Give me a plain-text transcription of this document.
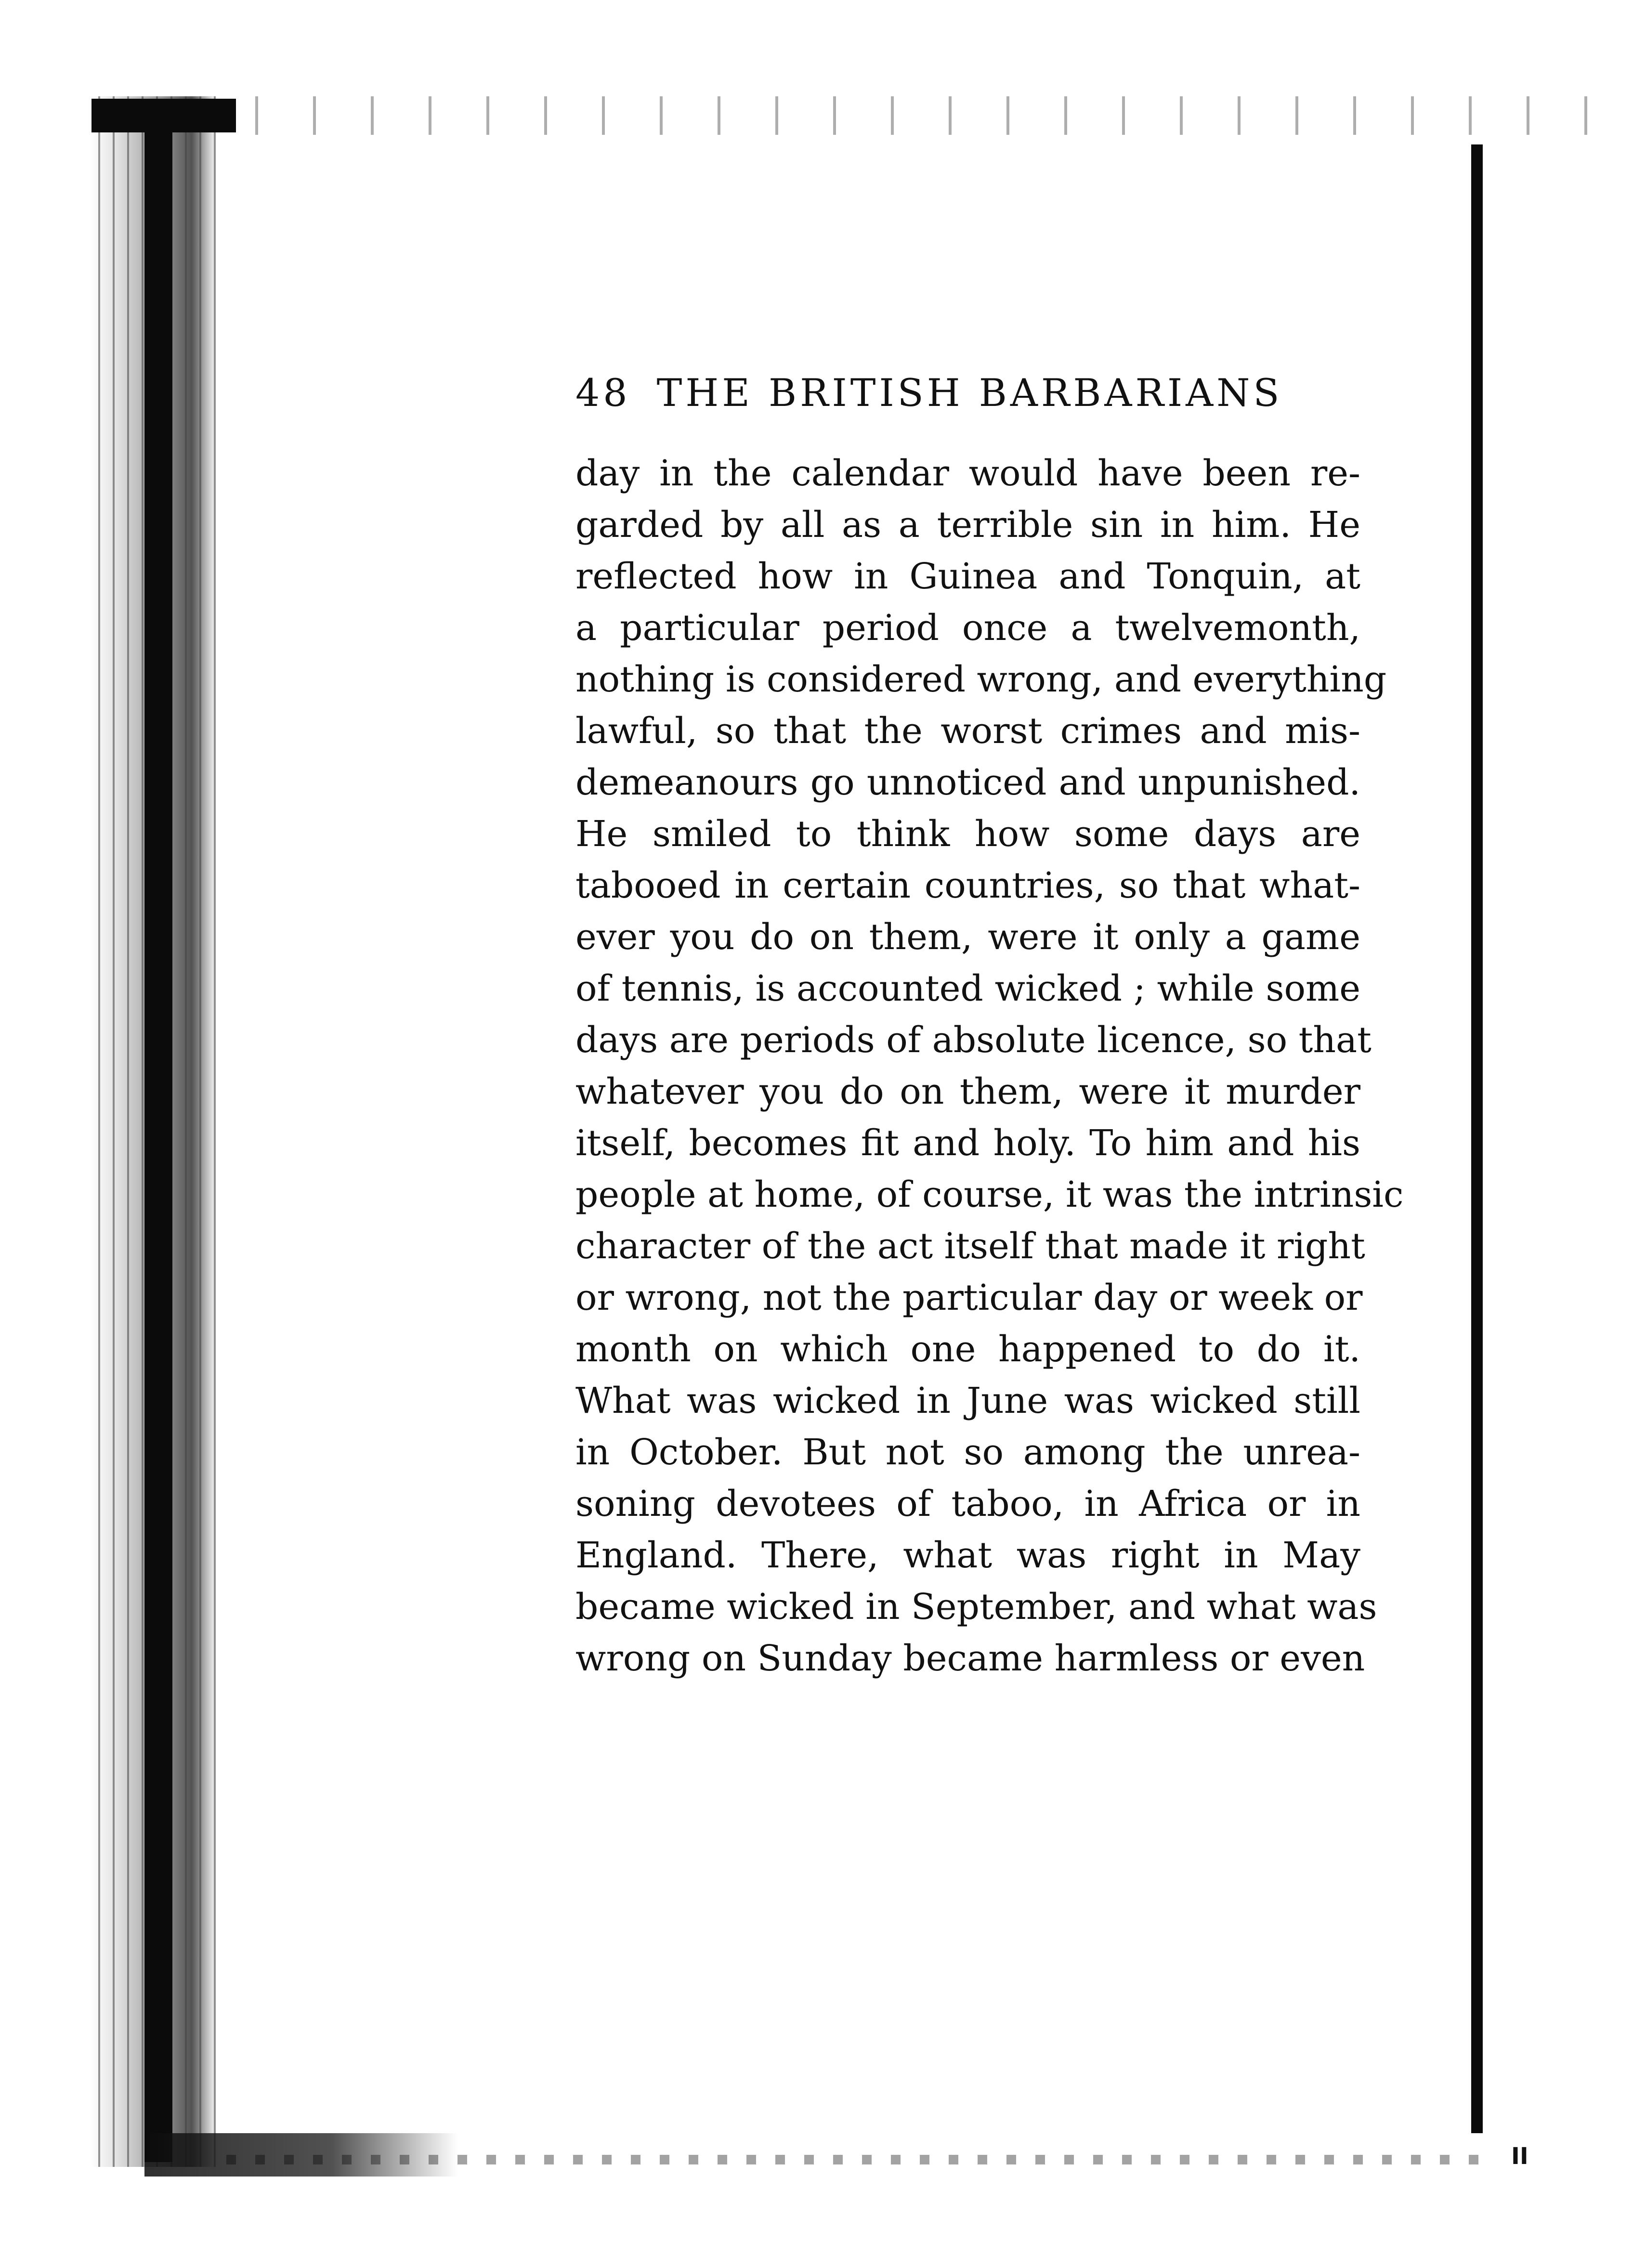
48 THE BRITISH BARBARIANS
day in the calendar would have been re-
garded by all as a terrible sin in him. He
reflected how in Guinea and Tonquin, at
a particular period once a twelvemonth,
nothing is considered wrong, and everything
lawful, so that the worst crimes and mis-
demeanours go unnoticed and unpunished.
He smiled to think how some days are
tabooed in certain countries, so that what-
ever you do on them, were it only a game
of tennis, is accounted wicked ; while some
days are periods of absolute licence, so that
whatever you do on them, were it murder
itself, becomes fit and holy. To him and his
people at home, of course, it was the intrinsic
character of the act itself that made it right
or wrong, not the particular day or week or
month on which one happened to do it.
What was wicked in June was wicked still
in October. But not so among the unrea-
soning devotees of taboo, in Africa or in
England. There, what was right in May
became wicked in September, and what was
wrong on Sunday became harmless or even
II
